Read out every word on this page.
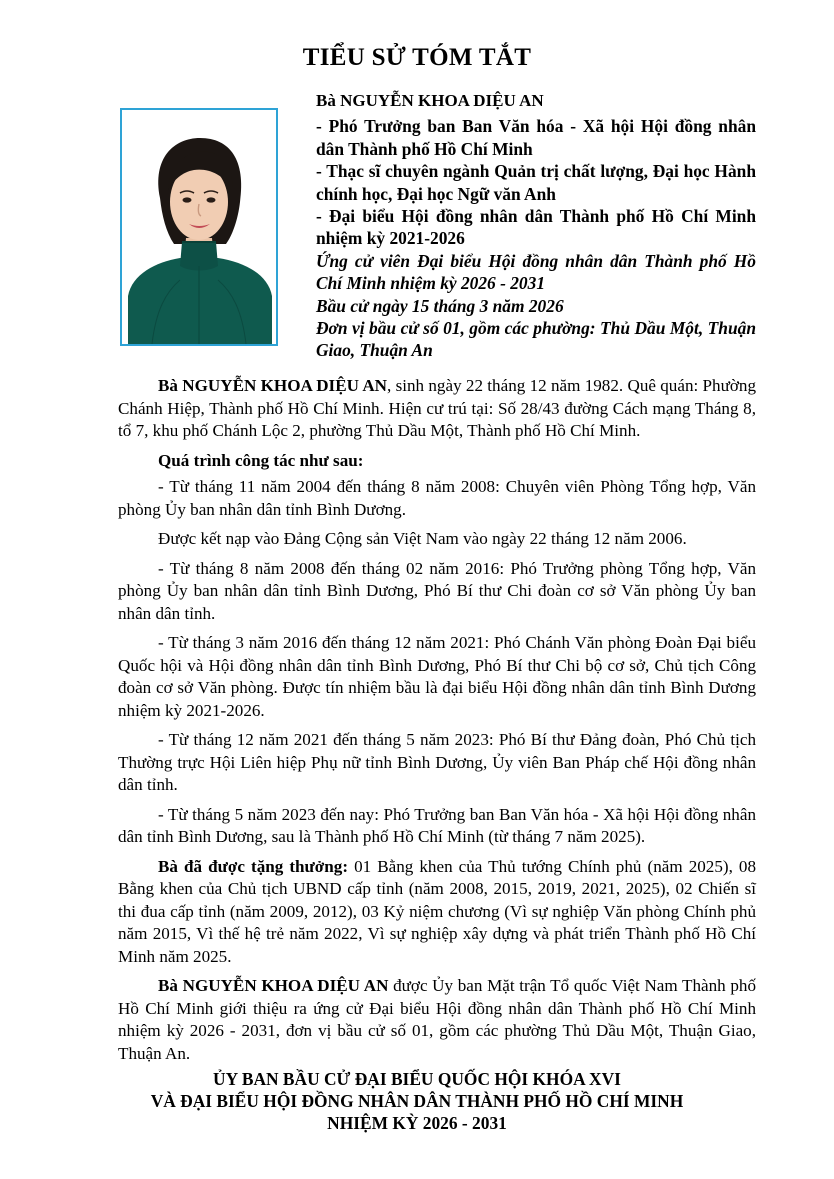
TIỂU SỬ TÓM TẮT

Bà NGUYỄN KHOA DIỆU AN

- Phó Trưởng ban Ban Văn hóa - Xã hội Hội đồng nhân dân Thành phố Hồ Chí Minh

- Thạc sĩ chuyên ngành Quản trị chất lượng, Đại học Hành chính học, Đại học Ngữ văn Anh

- Đại biểu Hội đồng nhân dân Thành phố Hồ Chí Minh nhiệm kỳ 2021-2026

Ứng cử viên Đại biểu Hội đồng nhân dân Thành phố Hồ Chí Minh nhiệm kỳ 2026 - 2031

Bầu cử ngày 15 tháng 3 năm 2026

Đơn vị bầu cử số 01, gồm các phường: Thủ Dầu Một, Thuận Giao, Thuận An

Bà NGUYỄN KHOA DIỆU AN, sinh ngày 22 tháng 12 năm 1982. Quê quán: Phường Chánh Hiệp, Thành phố Hồ Chí Minh. Hiện cư trú tại: Số 28/43 đường Cách mạng Tháng 8, tổ 7, khu phố Chánh Lộc 2, phường Thủ Dầu Một, Thành phố Hồ Chí Minh.

Quá trình công tác như sau:

- Từ tháng 11 năm 2004 đến tháng 8 năm 2008: Chuyên viên Phòng Tổng hợp, Văn phòng Ủy ban nhân dân tỉnh Bình Dương.

Được kết nạp vào Đảng Cộng sản Việt Nam vào ngày 22 tháng 12 năm 2006.

- Từ tháng 8 năm 2008 đến tháng 02 năm 2016: Phó Trưởng phòng Tổng hợp, Văn phòng Ủy ban nhân dân tỉnh Bình Dương, Phó Bí thư Chi đoàn cơ sở Văn phòng Ủy ban nhân dân tỉnh.

- Từ tháng 3 năm 2016 đến tháng 12 năm 2021: Phó Chánh Văn phòng Đoàn Đại biểu Quốc hội và Hội đồng nhân dân tỉnh Bình Dương, Phó Bí thư Chi bộ cơ sở, Chủ tịch Công đoàn cơ sở Văn phòng. Được tín nhiệm bầu là đại biểu Hội đồng nhân dân tỉnh Bình Dương nhiệm kỳ 2021-2026.

- Từ tháng 12 năm 2021 đến tháng 5 năm 2023: Phó Bí thư Đảng đoàn, Phó Chủ tịch Thường trực Hội Liên hiệp Phụ nữ tỉnh Bình Dương, Ủy viên Ban Pháp chế Hội đồng nhân dân tỉnh.

- Từ tháng 5 năm 2023 đến nay: Phó Trưởng ban Ban Văn hóa - Xã hội Hội đồng nhân dân tỉnh Bình Dương, sau là Thành phố Hồ Chí Minh (từ tháng 7 năm 2025).

Bà đã được tặng thưởng: 01 Bằng khen của Thủ tướng Chính phủ (năm 2025), 08 Bằng khen của Chủ tịch UBND cấp tỉnh (năm 2008, 2015, 2019, 2021, 2025), 02 Chiến sĩ thi đua cấp tỉnh (năm 2009, 2012), 03 Kỷ niệm chương (Vì sự nghiệp Văn phòng Chính phủ năm 2015, Vì thế hệ trẻ năm 2022, Vì sự nghiệp xây dựng và phát triển Thành phố Hồ Chí Minh năm 2025.

Bà NGUYỄN KHOA DIỆU AN được Ủy ban Mặt trận Tổ quốc Việt Nam Thành phố Hồ Chí Minh giới thiệu ra ứng cử Đại biểu Hội đồng nhân dân Thành phố Hồ Chí Minh nhiệm kỳ 2026 - 2031, đơn vị bầu cử số 01, gồm các phường Thủ Dầu Một, Thuận Giao, Thuận An.

ỦY BAN BẦU CỬ ĐẠI BIỂU QUỐC HỘI KHÓA XVI
VÀ ĐẠI BIỂU HỘI ĐỒNG NHÂN DÂN THÀNH PHỐ HỒ CHÍ MINH
NHIỆM KỲ 2026 - 2031
